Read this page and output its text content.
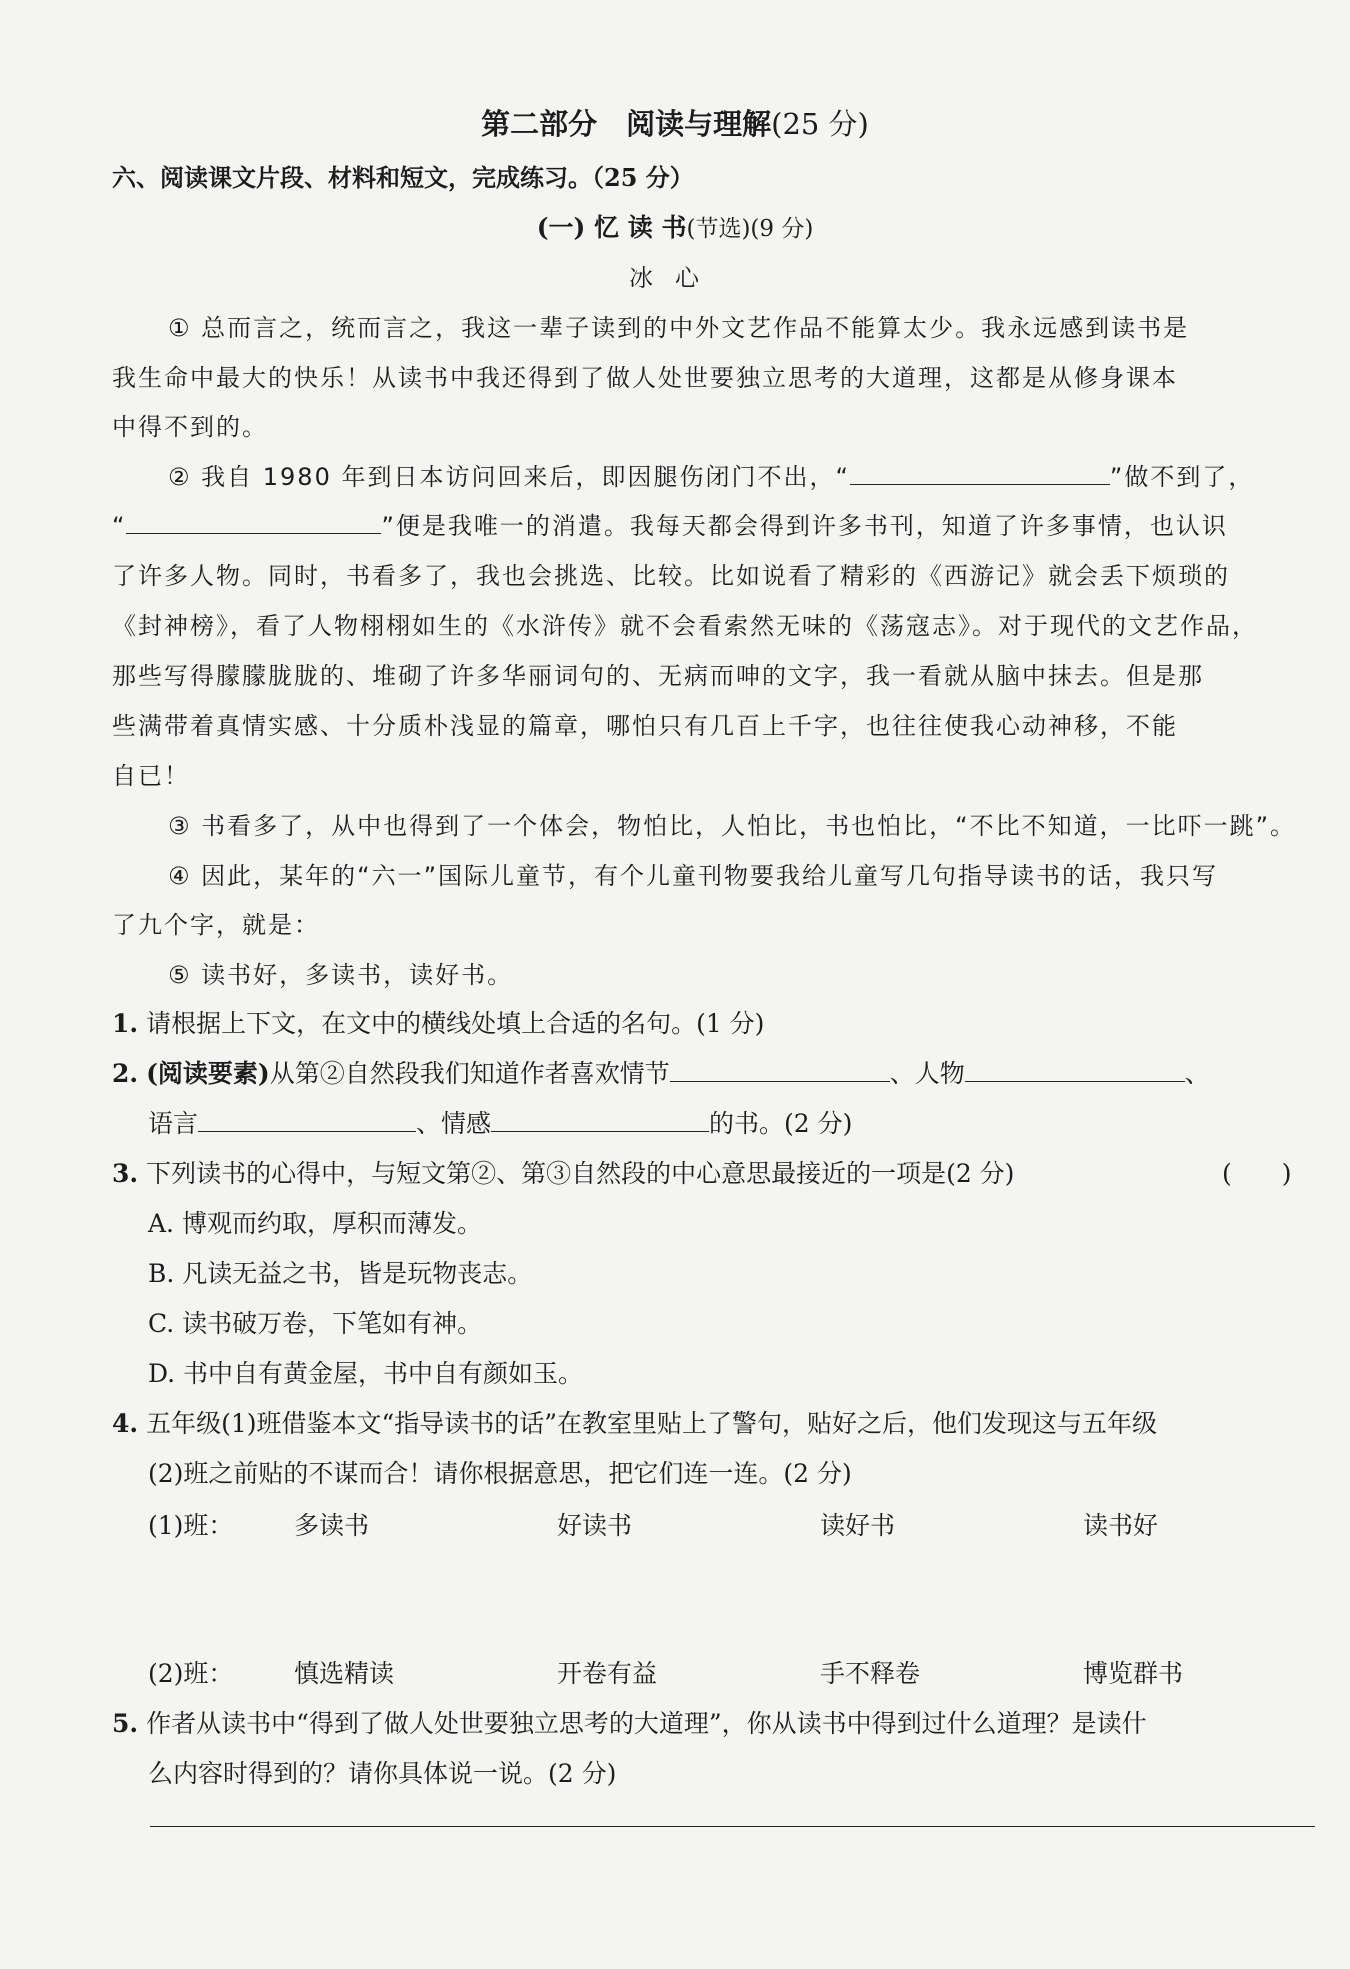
第二部分　阅读与理解(25 分)
六、阅读课文片段、材料和短文，完成练习。（25 分）
(一) 忆 读 书(节选)(9 分)
冰心
① 总而言之，统而言之，我这一辈子读到的中外文艺作品不能算太少。我永远感到读书是
我生命中最大的快乐！从读书中我还得到了做人处世要独立思考的大道理，这都是从修身课本
中得不到的。
② 我自 1980 年到日本访问回来后，即因腿伤闭门不出，“	”做不到了，
“	”便是我唯一的消遣。我每天都会得到许多书刊，知道了许多事情，也认识
了许多人物。同时，书看多了，我也会挑选、比较。比如说看了精彩的《西游记》就会丢下烦琐的
《封神榜》，看了人物栩栩如生的《水浒传》就不会看索然无味的《荡寇志》。对于现代的文艺作品，
那些写得朦朦胧胧的、堆砌了许多华丽词句的、无病而呻的文字，我一看就从脑中抹去。但是那
些满带着真情实感、十分质朴浅显的篇章，哪怕只有几百上千字，也往往使我心动神移，不能
自已！
③ 书看多了，从中也得到了一个体会，物怕比，人怕比，书也怕比，“不比不知道，一比吓一跳”。
④ 因此，某年的“六一”国际儿童节，有个儿童刊物要我给儿童写几句指导读书的话，我只写
了九个字，就是：
⑤ 读书好，多读书，读好书。
1. 请根据上下文，在文中的横线处填上合适的名句。(1 分)
2. (阅读要素)从第②自然段我们知道作者喜欢情节	、人物	、
语言	、情感	的书。(2 分)
3. 下列读书的心得中，与短文第②、第③自然段的中心意思最接近的一项是(2 分)	(　　)
A. 博观而约取，厚积而薄发。
B. 凡读无益之书，皆是玩物丧志。
C. 读书破万卷，下笔如有神。
D. 书中自有黄金屋，书中自有颜如玉。
4. 五年级(1)班借鉴本文“指导读书的话”在教室里贴上了警句，贴好之后，他们发现这与五年级
(2)班之前贴的不谋而合！请你根据意思，把它们连一连。(2 分)
(1)班： 多读书	好读书	读好书	读书好
(2)班： 慎选精读	开卷有益	手不释卷	博览群书
5. 作者从读书中“得到了做人处世要独立思考的大道理”，你从读书中得到过什么道理？是读什
么内容时得到的？请你具体说一说。(2 分)
